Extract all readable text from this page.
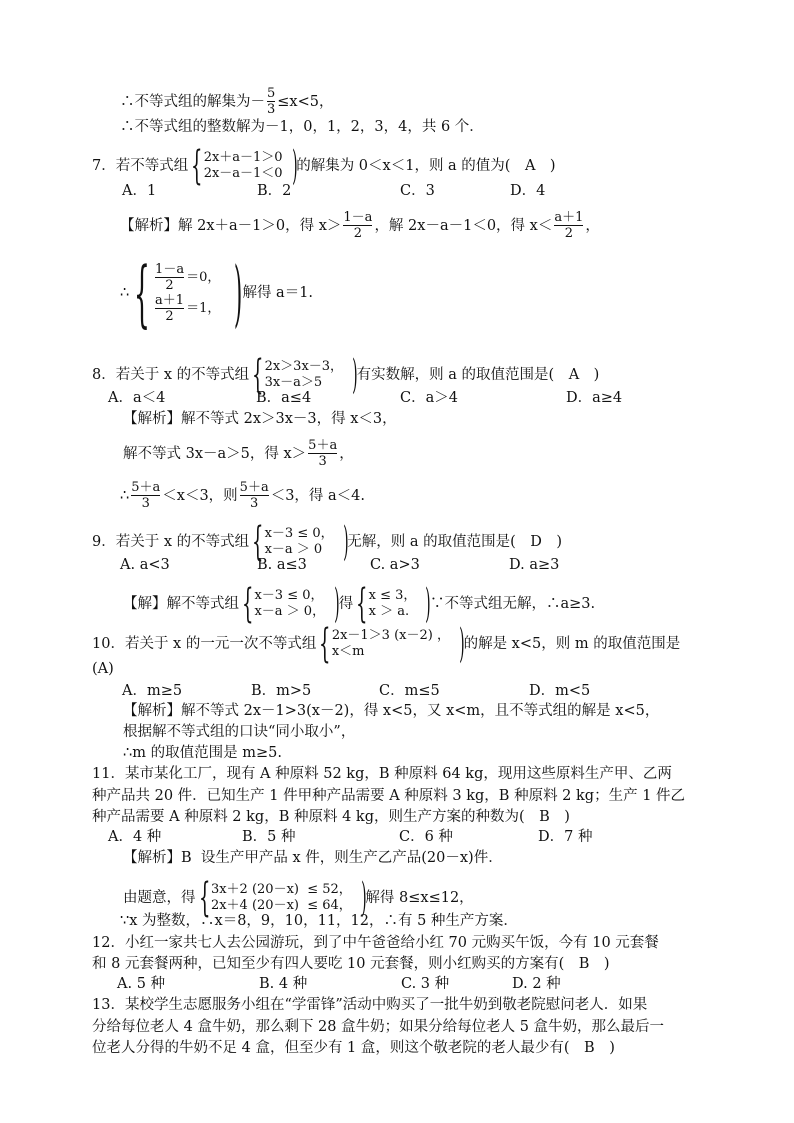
∴不等式组的解集为－ $\frac{5}{3} \le x<5$，
∴不等式组的整数解为－1，0，1，2，3，4，共 6 个．
7．若不等式组 { 2x＋a－1＞0
2x－a－1＜0 ) 的解集为 0＜x＜1，则 a 的值为(　A　)
A．1	B．2	C．3	D．4
【解析】解 2x＋a－1＞0，得 $x> \frac{1-a}{2}$ ，解 2x－a－1＜0，得 $x< \frac{a+1}{2}$ ，
∴ { $\frac{1-a}{2} =0$，
$\frac{a+1}{2} =1$， ) 解得 a＝1.
8．若关于 x 的不等式组 { 2x＞3x－3，
3x－a＞5 ) 有实数解，则 a 的取值范围是(　A　)
A．a＜4	B．a≤4	C．a＞4	D．a≥4
【解析】解不等式 2x＞3x－3，得 x＜3，
解不等式 3x－a＞5，得 $x> \frac{5+a}{3}$ ，
∴ $\frac{5+a}{3} <x<3$，则 $\frac{5+a}{3} <3$，得 a＜4.
9．若关于 x 的不等式组 { x－3 ≤ 0，
x－a ＞ 0 ) 无解，则 a 的取值范围是(　D　)
A. a<3	B. a≤3	C. a>3	D. a≥3
【解】解不等式组 { x－3 ≤ 0，
x－a ＞ 0， ) 得 { x ≤ 3，
x ＞ a. ) ∵不等式组无解，∴a≥3.
10．若关于 x 的一元一次不等式组 { 2x－1＞3 (x－2) ，
x＜m	) 的解是 x<5，则 m 的取值范围是
(A)
A．m≥5	B．m>5	C．m≤5	D．m<5
【解析】解不等式 2x－1>3(x－2)，得 x<5，又 x<m，且不等式组的解是 x<5，
根据解不等式组的口诀“同小取小”，
∴m 的取值范围是 m≥5.
11．某市某化工厂，现有 A 种原料 52 kg，B 种原料 64 kg，现用这些原料生产甲、乙两
种产品共 20 件．已知生产 1 件甲种产品需要 A 种原料 3 kg，B 种原料 2 kg；生产 1 件乙
种产品需要 A 种原料 2 kg，B 种原料 4 kg，则生产方案的种数为(　B　)
A．4 种	B．5 种	C．6 种	D．7 种
【解析】B  设生产甲产品 x 件，则生产乙产品(20－x)件．
由题意，得 { 3x＋2 (20－x)  ≤ 52，
2x＋4 (20－x)  ≤ 64， ) 解得 8≤x≤12，
∵x 为整数，∴x＝8，9，10，11，12，∴有 5 种生产方案．
12．小红一家共七人去公园游玩，到了中午爸爸给小红 70 元购买午饭，今有 10 元套餐
和 8 元套餐两种，已知至少有四人要吃 10 元套餐，则小红购买的方案有(　B　)
A. 5 种	B. 4 种	C. 3 种	D. 2 种
13．某校学生志愿服务小组在“学雷锋”活动中购买了一批牛奶到敬老院慰问老人．如果
分给每位老人 4 盒牛奶，那么剩下 28 盒牛奶；如果分给每位老人 5 盒牛奶，那么最后一
位老人分得的牛奶不足 4 盒，但至少有 1 盒，则这个敬老院的老人最少有(　B　)
